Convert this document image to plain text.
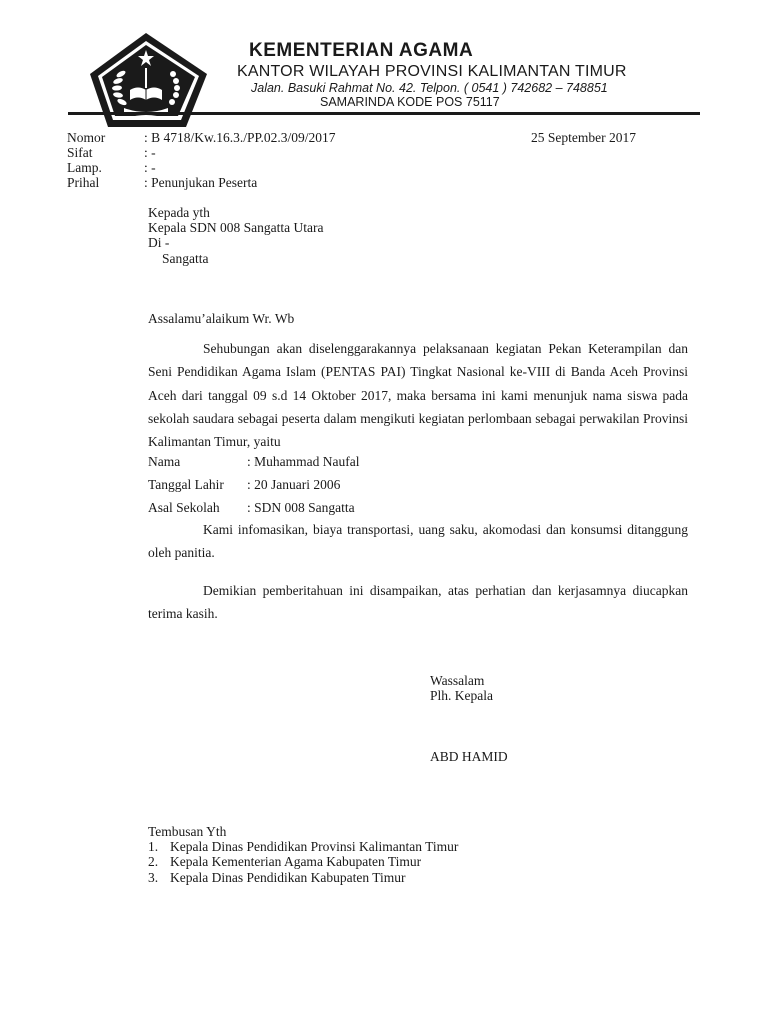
KEMENTERIAN AGAMA
KANTOR WILAYAH PROVINSI KALIMANTAN TIMUR
Jalan. Basuki Rahmat No. 42. Telpon. ( 0541 ) 742682 – 748851
SAMARINDA KODE POS 75117
Nomor	: B 4718/Kw.16.3./PP.02.3/09/2017	25 September 2017
Sifat	: -
Lamp.	: -
Prihal	: Penunjukan Peserta
Kepada yth
Kepala SDN 008 Sangatta Utara
Di -
Sangatta
Assalamu’alaikum Wr. Wb
Sehubungan akan diselenggarakannya pelaksanaan kegiatan Pekan Keterampilan dan Seni Pendidikan Agama Islam (PENTAS PAI) Tingkat Nasional ke-VIII di Banda Aceh Provinsi Aceh dari tanggal 09 s.d 14 Oktober 2017, maka bersama ini kami menunjuk nama siswa pada sekolah saudara sebagai peserta dalam mengikuti kegiatan perlombaan sebagai perwakilan Provinsi Kalimantan Timur, yaitu
Nama	: Muhammad Naufal
Tanggal Lahir : 20 Januari 2006
Asal Sekolah : SDN 008 Sangatta
Kami infomasikan, biaya transportasi, uang saku, akomodasi dan konsumsi ditanggung oleh panitia.
Demikian pemberitahuan ini disampaikan, atas perhatian dan kerjasamnya diucapkan terima kasih.
Wassalam
Plh. Kepala
ABD HAMID
Tembusan Yth
1. Kepala Dinas Pendidikan Provinsi Kalimantan Timur
2. Kepala Kementerian Agama Kabupaten Timur
3. Kepala Dinas Pendidikan Kabupaten Timur
